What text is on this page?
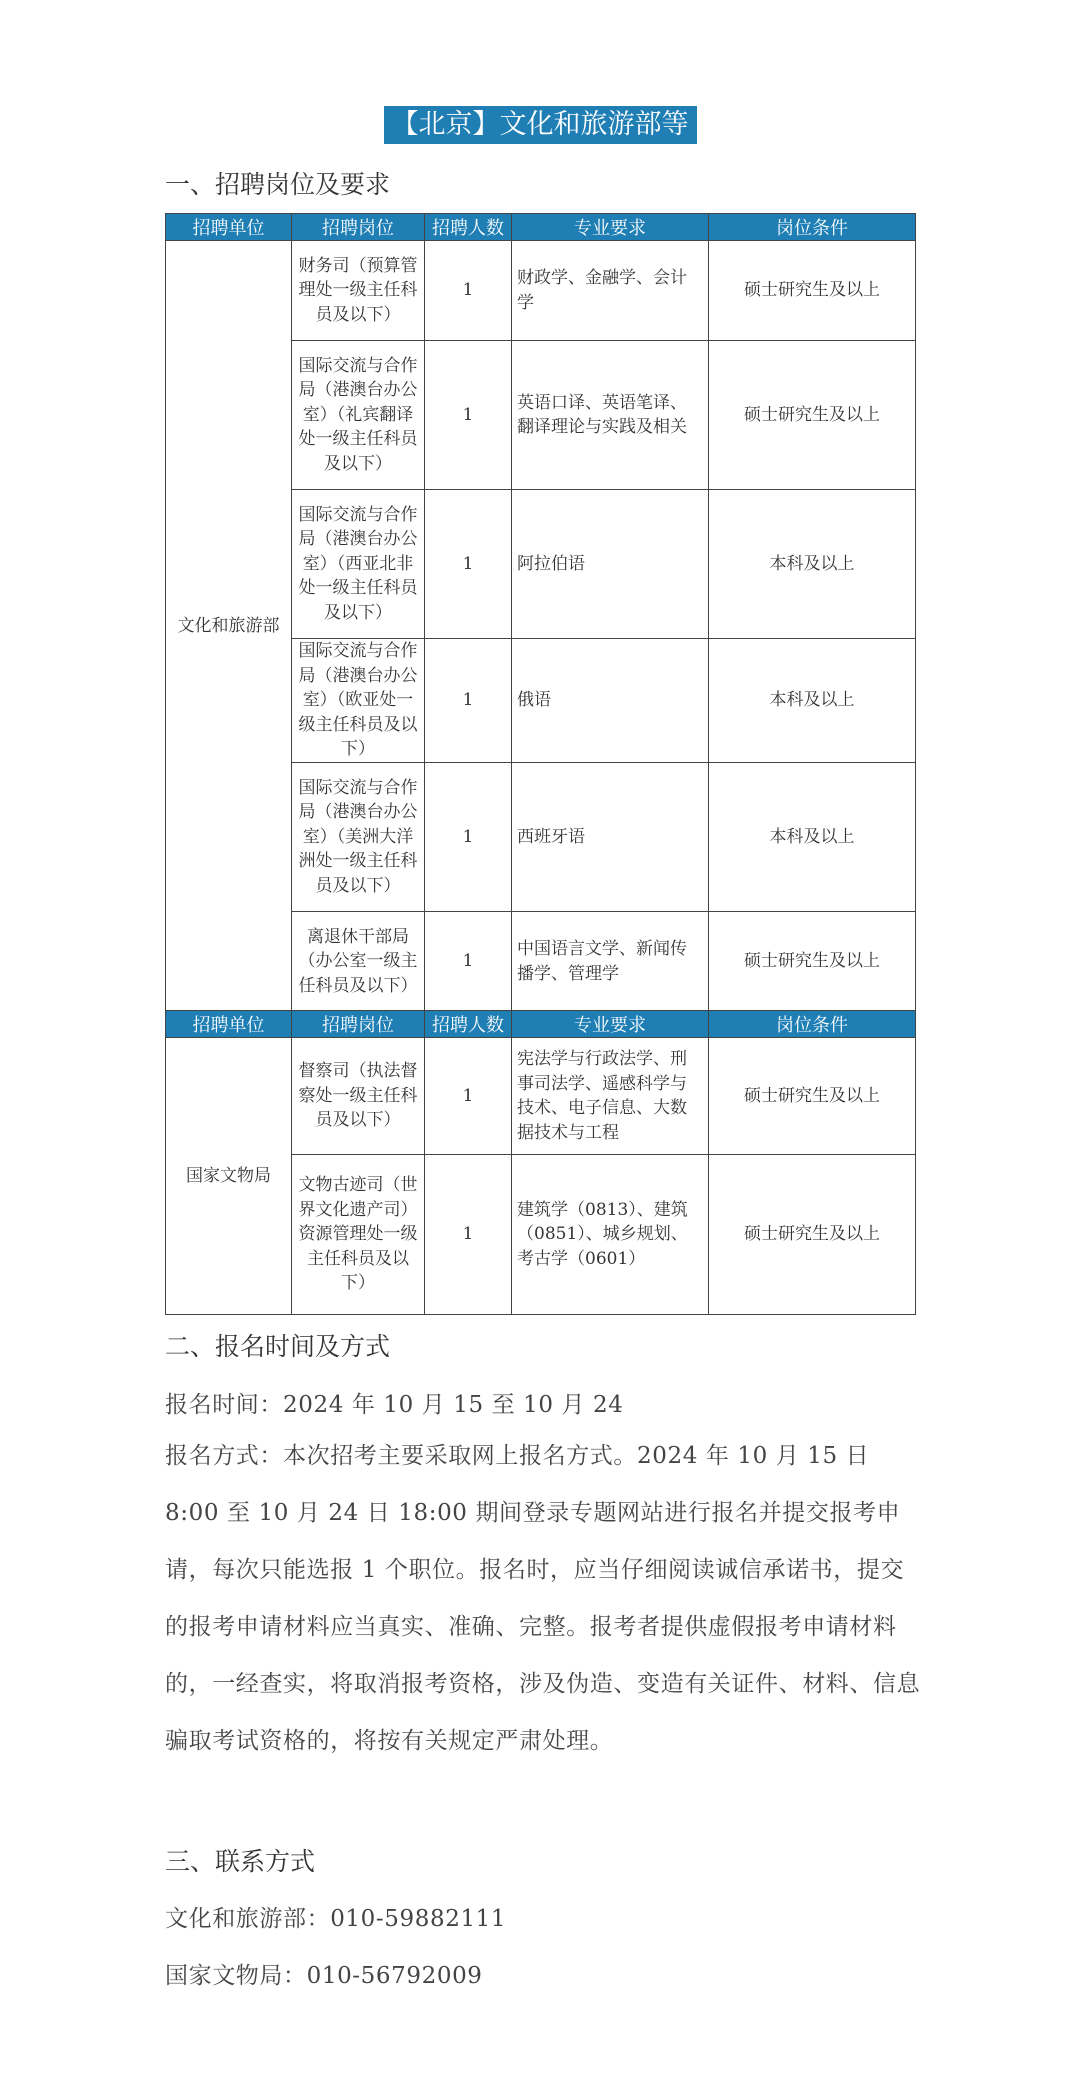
【北京】文化和旅游部等
一、招聘岗位及要求
招聘单位	招聘岗位	招聘人数	专业要求	岗位条件
文化和旅游部	财务司（预算管理处一级主任科员及以下）	1	财政学、金融学、会计学	硕士研究生及以上
	国际交流与合作局（港澳台办公室）（礼宾翻译处一级主任科员及以下）	1	英语口译、英语笔译、翻译理论与实践及相关	硕士研究生及以上
	国际交流与合作局（港澳台办公室）（西亚北非处一级主任科员及以下）	1	阿拉伯语	本科及以上
	国际交流与合作局（港澳台办公室）（欧亚处一级主任科员及以下）	1	俄语	本科及以上
	国际交流与合作局（港澳台办公室）（美洲大洋洲处一级主任科员及以下）	1	西班牙语	本科及以上
	离退休干部局（办公室一级主任科员及以下）	1	中国语言文学、新闻传播学、管理学	硕士研究生及以上
招聘单位	招聘岗位	招聘人数	专业要求	岗位条件
国家文物局	督察司（执法督察处一级主任科员及以下）	1	宪法学与行政法学、刑事司法学、遥感科学与技术、电子信息、大数据技术与工程	硕士研究生及以上
	文物古迹司（世界文化遗产司）资源管理处一级主任科员及以下）	1	建筑学（0813）、建筑（0851）、城乡规划、考古学（0601）	硕士研究生及以上
二、报名时间及方式
报名时间：2024 年 10 月 15 至 10 月 24
报名方式：本次招考主要采取网上报名方式。2024 年 10 月 15 日 8:00 至 10 月 24 日 18:00 期间登录专题网站进行报名并提交报考申请，每次只能选报 1 个职位。报名时，应当仔细阅读诚信承诺书，提交的报考申请材料应当真实、准确、完整。报考者提供虚假报考申请材料的，一经查实，将取消报考资格，涉及伪造、变造有关证件、材料、信息骗取考试资格的，将按有关规定严肃处理。
三、联系方式
文化和旅游部：010-59882111
国家文物局：010-56792009
